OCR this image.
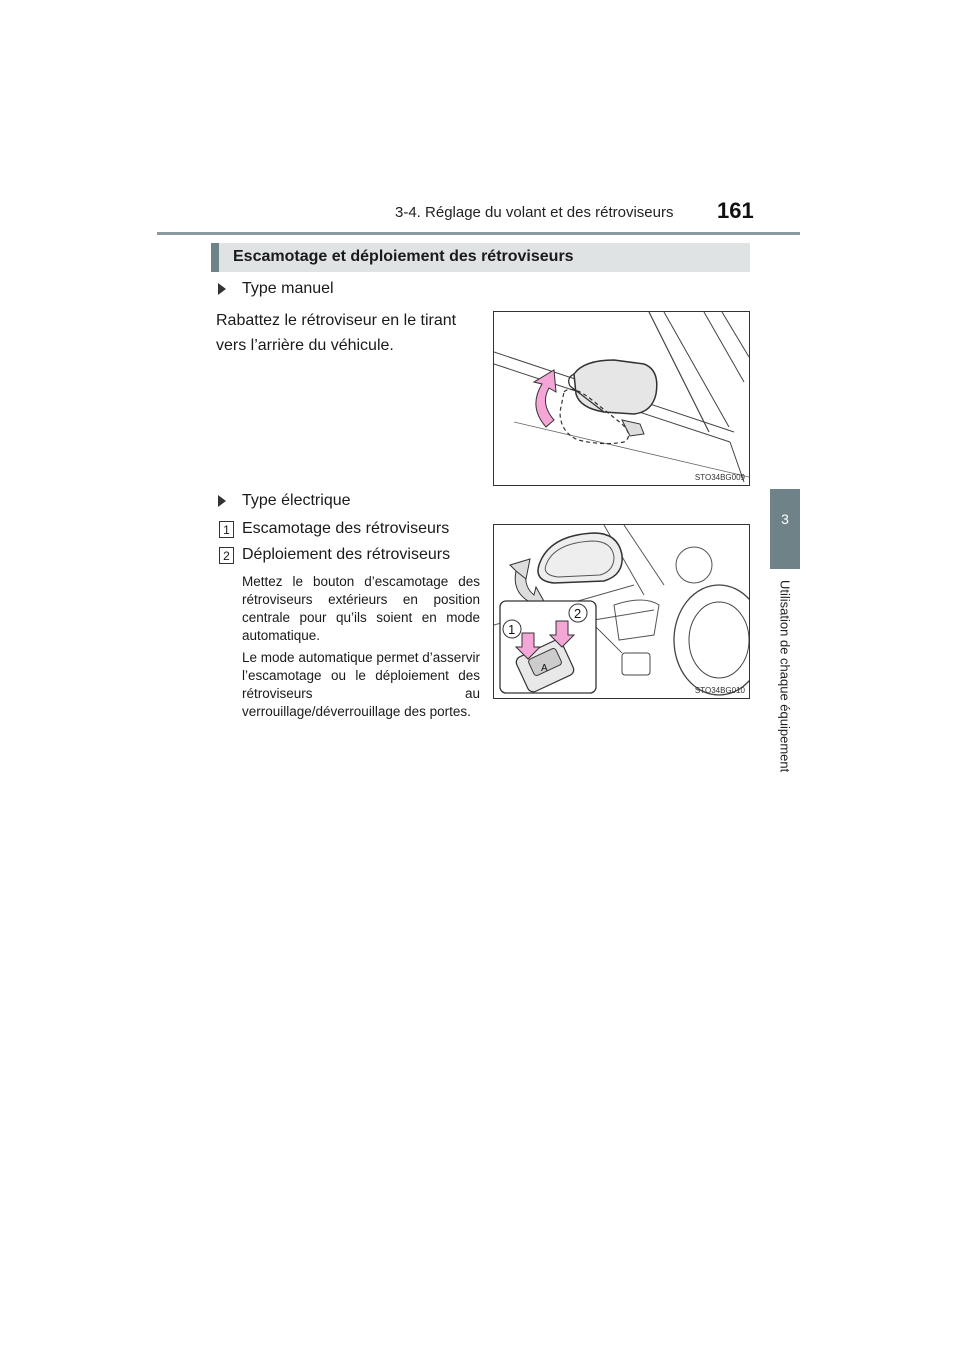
3-4. Réglage du volant et des rétroviseurs 161
3
Utilisation de chaque équipement
Escamotage et déploiement des rétroviseurs
Type manuel
Rabattez le rétroviseur en le tirant vers l’arrière du véhicule.
STO34BG009
Type électrique
1 Escamotage des rétroviseurs
2 Déploiement des rétroviseurs
Mettez le bouton d’escamotage des rétroviseurs extérieurs en position centrale pour qu’ils soient en mode automatique.
Le mode automatique permet d’asservir l’escamotage ou le déploiement des rétroviseurs au verrouillage/déverrouillage des portes.
A
1
2
STO34BG010
